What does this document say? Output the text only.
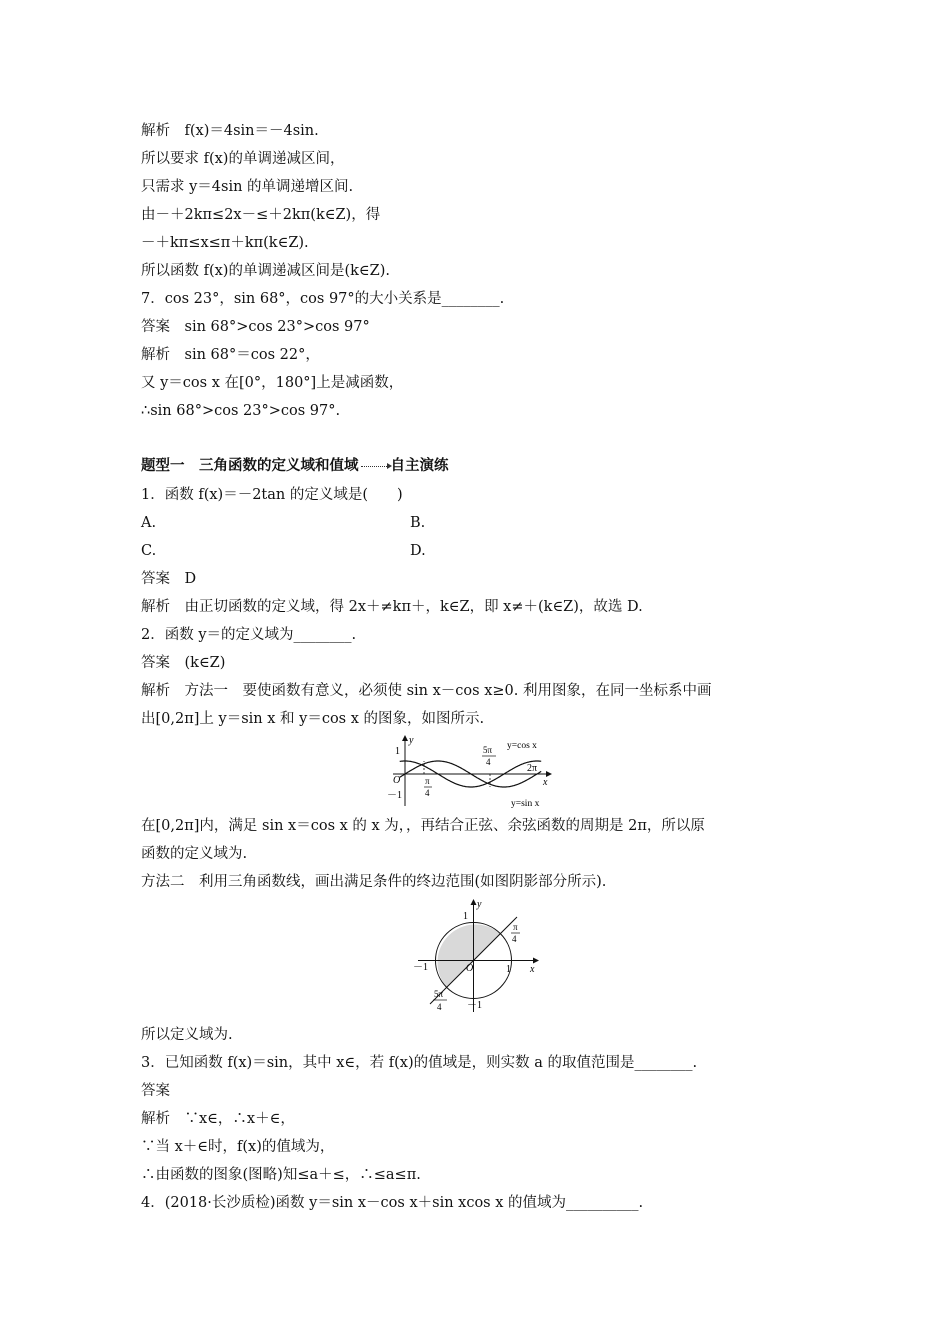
解析　f(x)＝4sin＝－4sin.
所以要求 f(x)的单调递减区间，
只需求 y＝4sin 的单调递增区间.
由－＋2kπ≤2x－≤＋2kπ(k∈Z)，得
－＋kπ≤x≤π＋kπ(k∈Z).
所以函数 f(x)的单调递减区间是(k∈Z).
7．cos 23°，sin 68°，cos 97°的大小关系是________.
答案　sin 68°>cos 23°>cos 97°
解析　sin 68°＝cos 22°，
又 y＝cos x 在[0°，180°]上是减函数，
∴sin 68°>cos 23°>cos 97°.
题型一　三角函数的定义域和值域 自主演练
1．函数 f(x)＝－2tan 的定义域是(　　)
A.	B.
C.	D.
答案　D
解析　由正切函数的定义域，得 2x＋≠kπ＋，k∈Z，即 x≠＋(k∈Z)，故选 D.
2．函数 y＝的定义域为________.
答案　(k∈Z)
解析　方法一　要使函数有意义，必须使 sin x－cos x≥0. 利用图象，在同一坐标系中画
出[0,2π]上 y＝sin x 和 y＝cos x 的图象，如图所示.
y
x
O
1
－1
π
4
5π
4
2π
y=cos x
y=sin x
在[0,2π]内，满足 sin x＝cos x 的 x 为，，再结合正弦、余弦函数的周期是 2π，所以原
函数的定义域为.
方法二　利用三角函数线，画出满足条件的终边范围(如图阴影部分所示).
y
x
O	1
1
－1
－1
π
4
5π
4
所以定义域为.
3．已知函数 f(x)＝sin，其中 x∈，若 f(x)的值域是，则实数 a 的取值范围是________.
答案
解析　∵x∈，∴x＋∈，
∵当 x＋∈时，f(x)的值域为，
∴由函数的图象(图略)知≤a＋≤，∴≤a≤π.
4．(2018·长沙质检)函数 y＝sin x－cos x＋sin xcos x 的值域为__________.
